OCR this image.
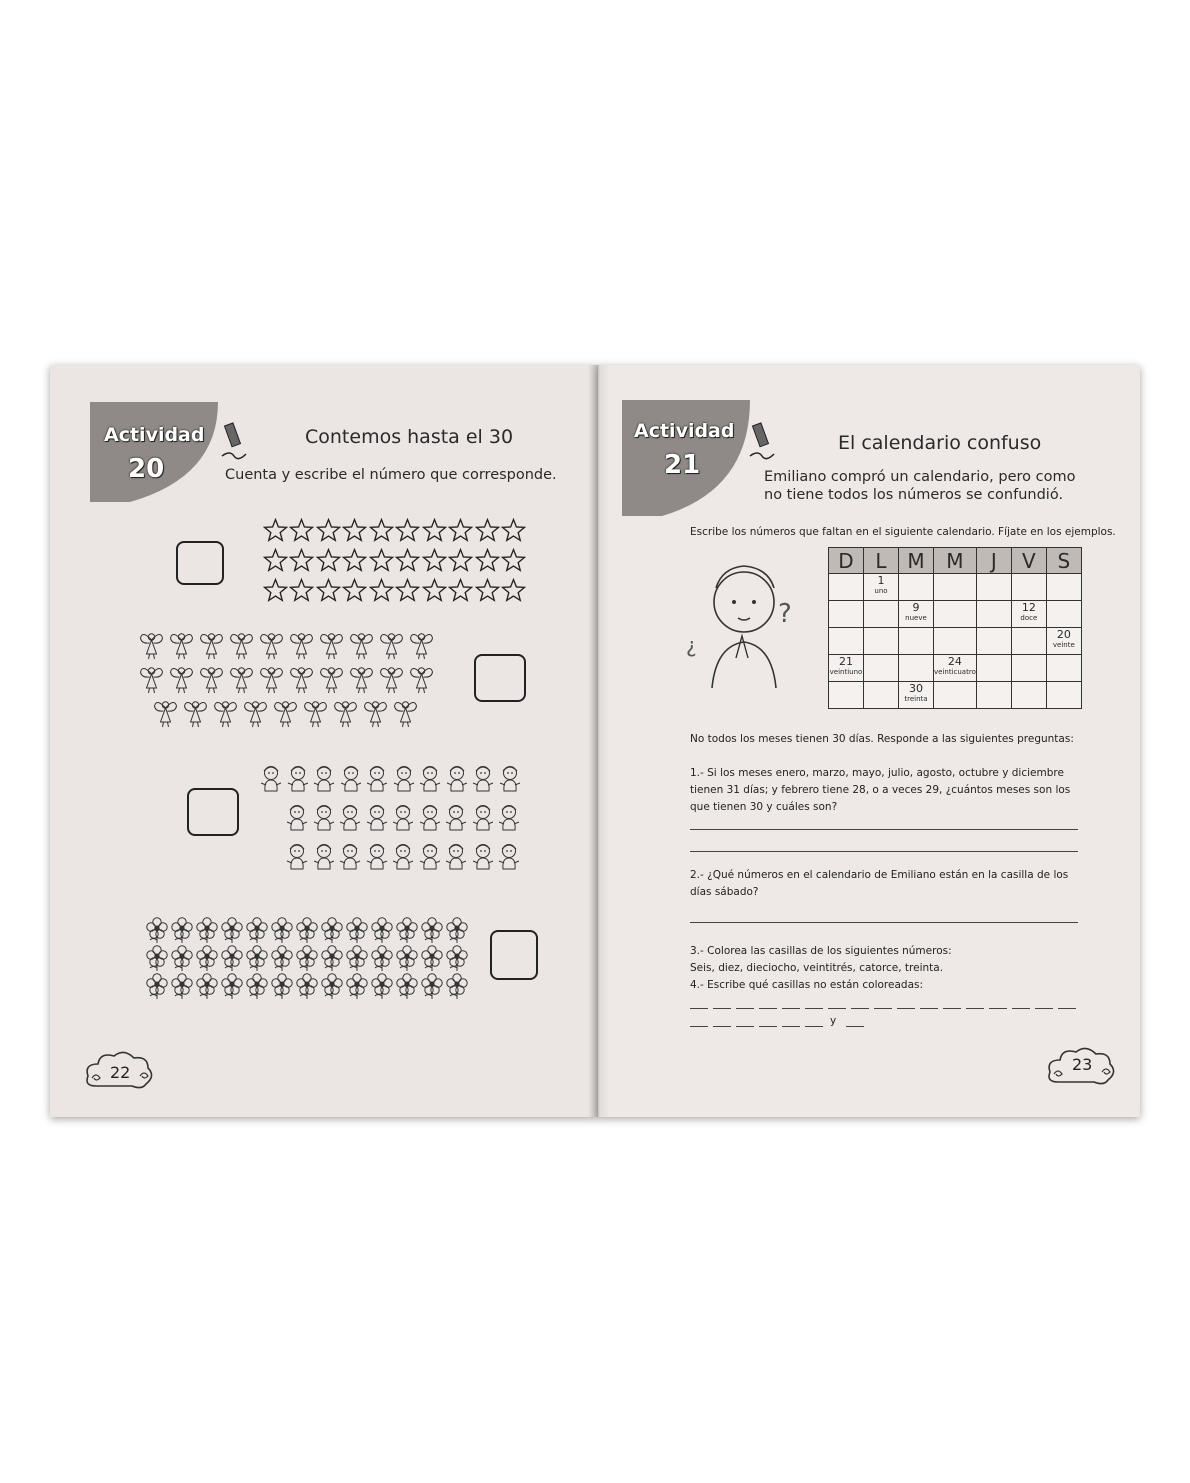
Actividad
20
Contemos hasta el 30
Cuenta y escribe el número que corresponde.
22
Actividad
21
El calendario confuso
Emiliano compró un calendario, pero como no tiene todos los números se confundió.
Escribe los números que faltan en el siguiente calendario. Fíjate en los ejemplos.
?
¿
D	L	M	M	J	V	S

	1
uno					

		9
nueve			12
doce	

						20
veinte

21
veintiuno			24
veinticuatro			

		30
treinta				

No todos los meses tienen 30 días. Responde a las siguientes preguntas:
1.- Si los meses enero, marzo, mayo, julio, agosto, octubre y diciembre tienen 31 días; y febrero tiene 28, o a veces 29, ¿cuántos meses son los que tienen 30 y cuáles son?
2.- ¿Qué números en el calendario de Emiliano están en la casilla de los días sábado?
3.- Colorea las casillas de los siguientes números:
Seis, diez, dieciocho, veintitrés, catorce, treinta.
4.- Escribe qué casillas no están coloreadas:
y
23
